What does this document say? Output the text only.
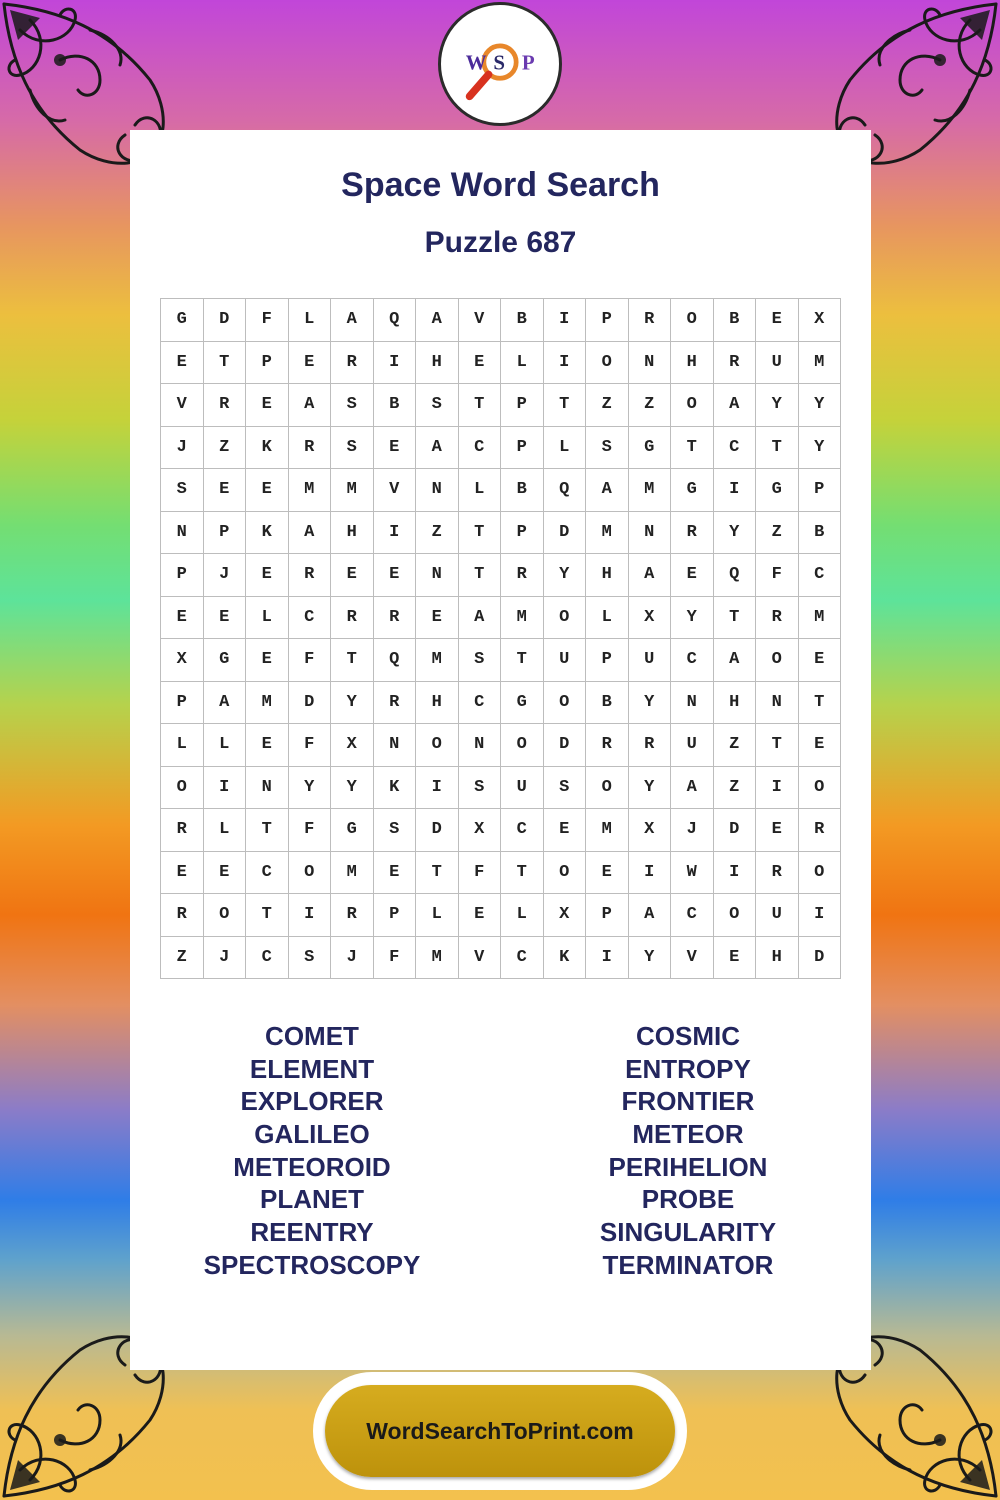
W S P
Space Word Search
Puzzle 687
G	D	F	L	A	Q	A	V	B	I	P	R	O	B	E	X
E	T	P	E	R	I	H	E	L	I	O	N	H	R	U	M
V	R	E	A	S	B	S	T	P	T	Z	Z	O	A	Y	Y
J	Z	K	R	S	E	A	C	P	L	S	G	T	C	T	Y
S	E	E	M	M	V	N	L	B	Q	A	M	G	I	G	P
N	P	K	A	H	I	Z	T	P	D	M	N	R	Y	Z	B
P	J	E	R	E	E	N	T	R	Y	H	A	E	Q	F	C
E	E	L	C	R	R	E	A	M	O	L	X	Y	T	R	M
X	G	E	F	T	Q	M	S	T	U	P	U	C	A	O	E
P	A	M	D	Y	R	H	C	G	O	B	Y	N	H	N	T
L	L	E	F	X	N	O	N	O	D	R	R	U	Z	T	E
O	I	N	Y	Y	K	I	S	U	S	O	Y	A	Z	I	O
R	L	T	F	G	S	D	X	C	E	M	X	J	D	E	R
E	E	C	O	M	E	T	F	T	O	E	I	W	I	R	O
R	O	T	I	R	P	L	E	L	X	P	A	C	O	U	I
Z	J	C	S	J	F	M	V	C	K	I	Y	V	E	H	D
COMET
ELEMENT
EXPLORER
GALILEO
METEOROID
PLANET
REENTRY
SPECTROSCOPY
COSMIC
ENTROPY
FRONTIER
METEOR
PERIHELION
PROBE
SINGULARITY
TERMINATOR
WordSearchToPrint.com
